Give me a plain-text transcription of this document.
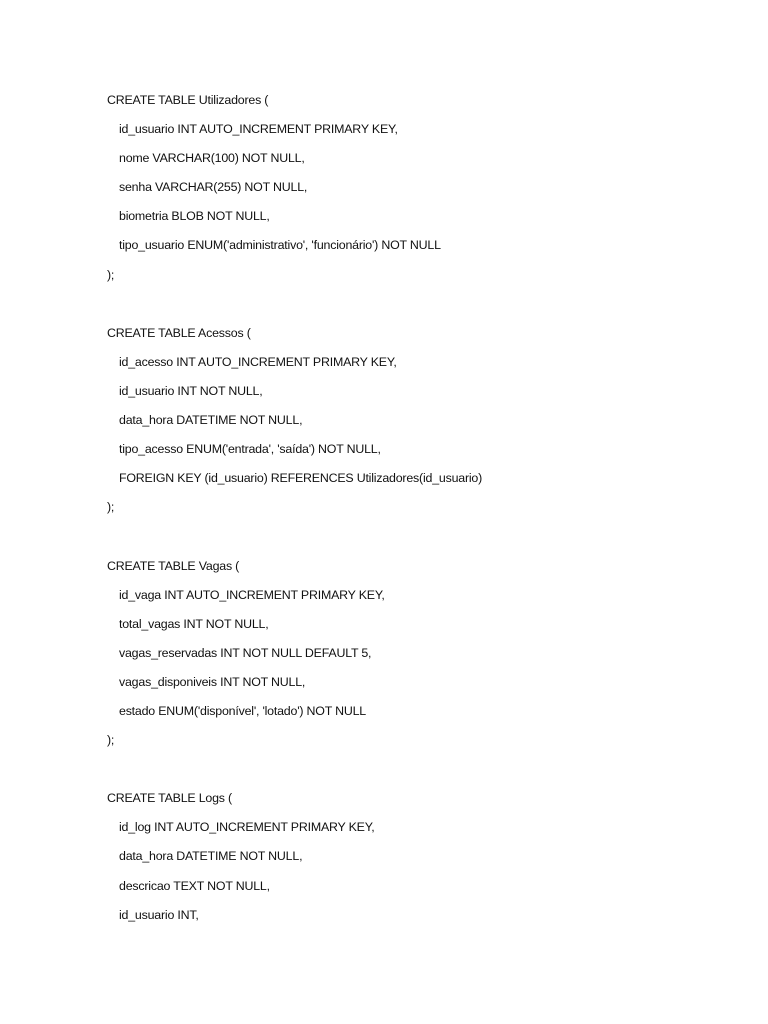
CREATE TABLE Utilizadores (
id_usuario INT AUTO_INCREMENT PRIMARY KEY,
nome VARCHAR(100) NOT NULL,
senha VARCHAR(255) NOT NULL,
biometria BLOB NOT NULL,
tipo_usuario ENUM('administrativo', 'funcionário') NOT NULL
);
CREATE TABLE Acessos (
id_acesso INT AUTO_INCREMENT PRIMARY KEY,
id_usuario INT NOT NULL,
data_hora DATETIME NOT NULL,
tipo_acesso ENUM('entrada', 'saída') NOT NULL,
FOREIGN KEY (id_usuario) REFERENCES Utilizadores(id_usuario)
);
CREATE TABLE Vagas (
id_vaga INT AUTO_INCREMENT PRIMARY KEY,
total_vagas INT NOT NULL,
vagas_reservadas INT NOT NULL DEFAULT 5,
vagas_disponiveis INT NOT NULL,
estado ENUM('disponível', 'lotado') NOT NULL
);
CREATE TABLE Logs (
id_log INT AUTO_INCREMENT PRIMARY KEY,
data_hora DATETIME NOT NULL,
descricao TEXT NOT NULL,
id_usuario INT,
